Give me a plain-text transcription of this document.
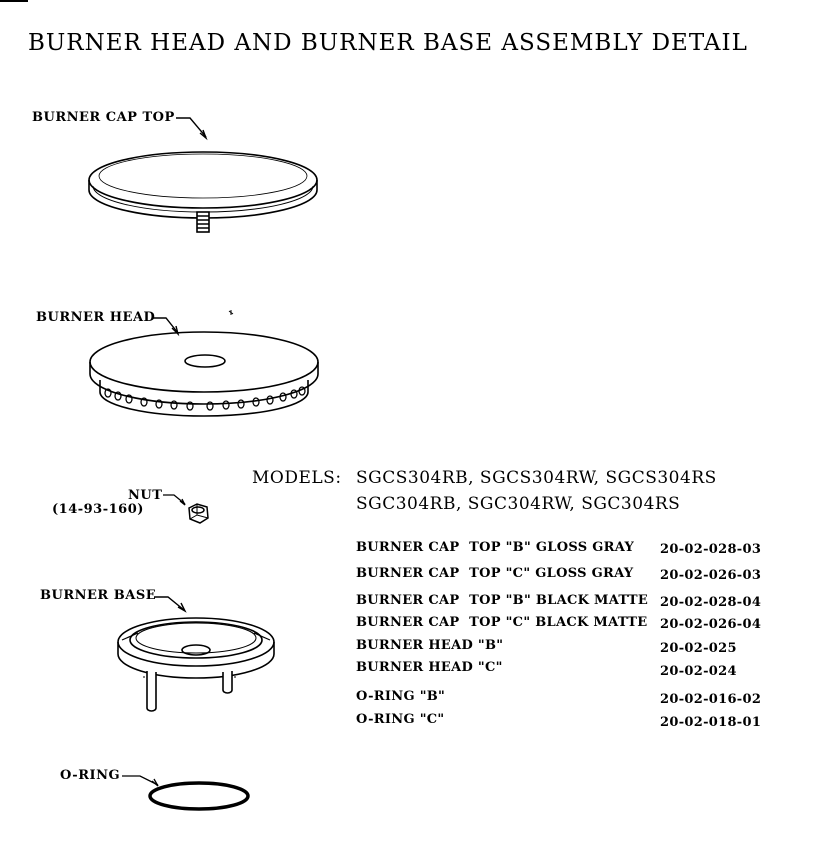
BURNER HEAD AND BURNER BASE ASSEMBLY DETAIL
BURNER CAP TOP
BURNER HEAD
NUT
(14-93-160)
BURNER BASE
O-RING
MODELS: SGCS304RB, SGCS304RW, SGCS304RS
SGC304RB, SGC304RW, SGC304RS
BURNER CAP  TOP "B" GLOSS GRAY 20-02-028-03
BURNER CAP  TOP "C" GLOSS GRAY 20-02-026-03
BURNER CAP  TOP "B" BLACK MATTE 20-02-028-04
BURNER CAP  TOP "C" BLACK MATTE 20-02-026-04
BURNER HEAD "B"	20-02-025
BURNER HEAD "C"	20-02-024
O-RING "B"	20-02-016-02
O-RING "C"	20-02-018-01
